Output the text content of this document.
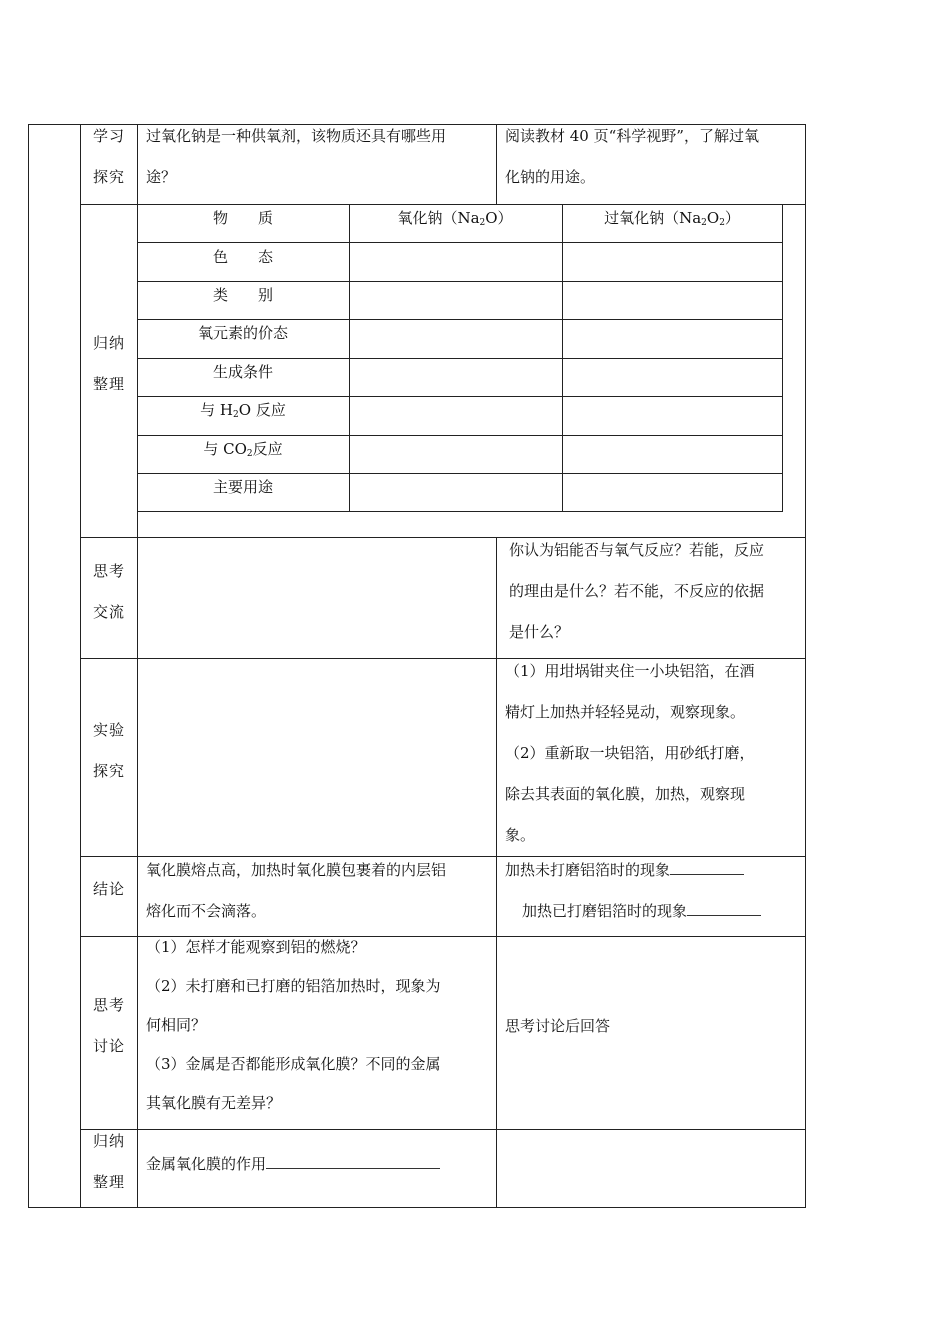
学习
探究
过氧化钠是一种供氧剂，该物质还具有哪些用
途？
阅读教材 40 页“科学视野”，了解过氧
化钠的用途。
归纳
整理
物　　质	氧化钠$(Na_2O)$	过氧化钠$(Na_2O_2)$
色　　态
类　　别
氧元素的价态
生成条件
与 $H_2O$ 反应
与 $CO_2$反应
主要用途
思考
交流
你认为铝能否与氧气反应？若能，反应
的理由是什么？若不能，不反应的依据
是什么？
实验
探究
（1）用坩埚钳夹住一小块铝箔，在酒
精灯上加热并轻轻晃动，观察现象。
（2）重新取一块铝箔，用砂纸打磨，
除去其表面的氧化膜，加热，观察现
象。
结论
氧化膜熔点高，加热时氧化膜包裹着的内层铝
熔化而不会滴落。
加热未打磨铝箔时的现象
加热已打磨铝箔时的现象
思考
讨论
（1）怎样才能观察到铝的燃烧？
（2）未打磨和已打磨的铝箔加热时，现象为
何相同？
（3）金属是否都能形成氧化膜？不同的金属
其氧化膜有无差异？
思考讨论后回答
归纳
整理
金属氧化膜的作用
